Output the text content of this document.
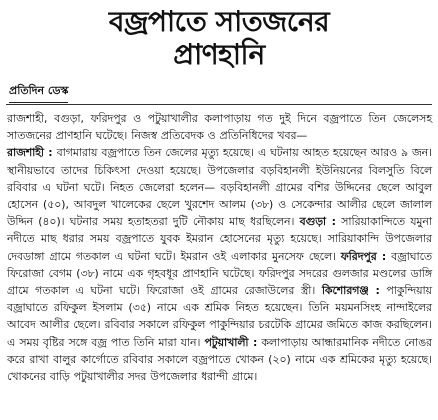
বজ্রপাতে সাতজনের
প্রাণহানি
প্রতিদিন ডেস্ক

রাজশাহী, বগুড়া, ফরিদপুর ও পটুয়াখালীর কলাপাড়ায় গত দুই দিনে বজ্রপাতে তিন জেলেসহ সাতজনের প্রাণহানি ঘটেছে। নিজস্ব প্রতিবেদক ও প্রতিনিধিদের খবর—

রাজশাহী : বাগমারায় বজ্রপাতে তিন জেলের মৃত্যু হয়েছে। এ ঘটনায় আহত হয়েছেন আরও ৯ জন। স্থানীয়ভাবে তাদের চিকিৎসা দেওয়া হয়েছে। উপজেলার বড়বিহানলী ইউনিয়নের বিলসুতি বিলে রবিবার এ ঘটনা ঘটে। নিহত জেলেরা হলেন— বড়বিহানলী গ্রামের বশির উদ্দিনের ছেলে আবুল হোসেন (৫০), আবদুল খালেকের ছেলে খুরশেদ আলম (৩৮) ও সেকেন্দার আলীর ছেলে জালাল উদ্দিন (৪০)। ঘটনার সময় হতাহতরা দুটি নৌকায় মাছ ধরছিলেন। বগুড়া : সারিয়াকান্দিতে যমুনা নদীতে মাছ ধরার সময় বজ্রপাতে যুবক ইমরান হোসেনের মৃত্যু হয়েছে। সারিয়াকান্দি উপজেলার দেবডাঙ্গা গ্রামে গতকাল এ ঘটনা ঘটে। ইমরান ওই এলাকার মুনসেফ ছেলে। ফরিদপুর : বজ্রাঘাতে ফিরোজা বেগম (৩৮) নামে এক গৃহবধূর প্রাণহানি ঘটেছে। ফরিদপুর সদরের গুলজার মণ্ডলের ডাঙ্গি গ্রামে গতকাল এ ঘটনা ঘটে। ফিরোজা ওই গ্রামের রেজাউলের স্ত্রী। কিশোরগঞ্জ : পাকুন্দিয়ায় বজ্রাঘাতে রফিকুল ইসলাম (৩৫) নামে এক শ্রমিক নিহত হয়েছেন। তিনি ময়মনসিংহ নান্দাইলের আবেদ আলীর ছেলে। রবিবার সকালে রফিকুল পাকুন্দিয়ার চরটেকি গ্রামের জমিতে কাজ করছিলেন। এ সময় বৃষ্টির সঙ্গে বজ্র পাত তিনি মারা যান। পটুয়াখালী : কলাপাড়ায় আন্ধারমানিক নদীতে নোঙর করে রাখা বালুর কার্গোতে রবিবার সকালে বজ্রপাতে খোকন (২০) নামে এক শ্রমিকের মৃত্যু হয়েছে। খোকনের বাড়ি পটুয়াখালীর সদর উপজেলার ধরান্দী গ্রামে।
